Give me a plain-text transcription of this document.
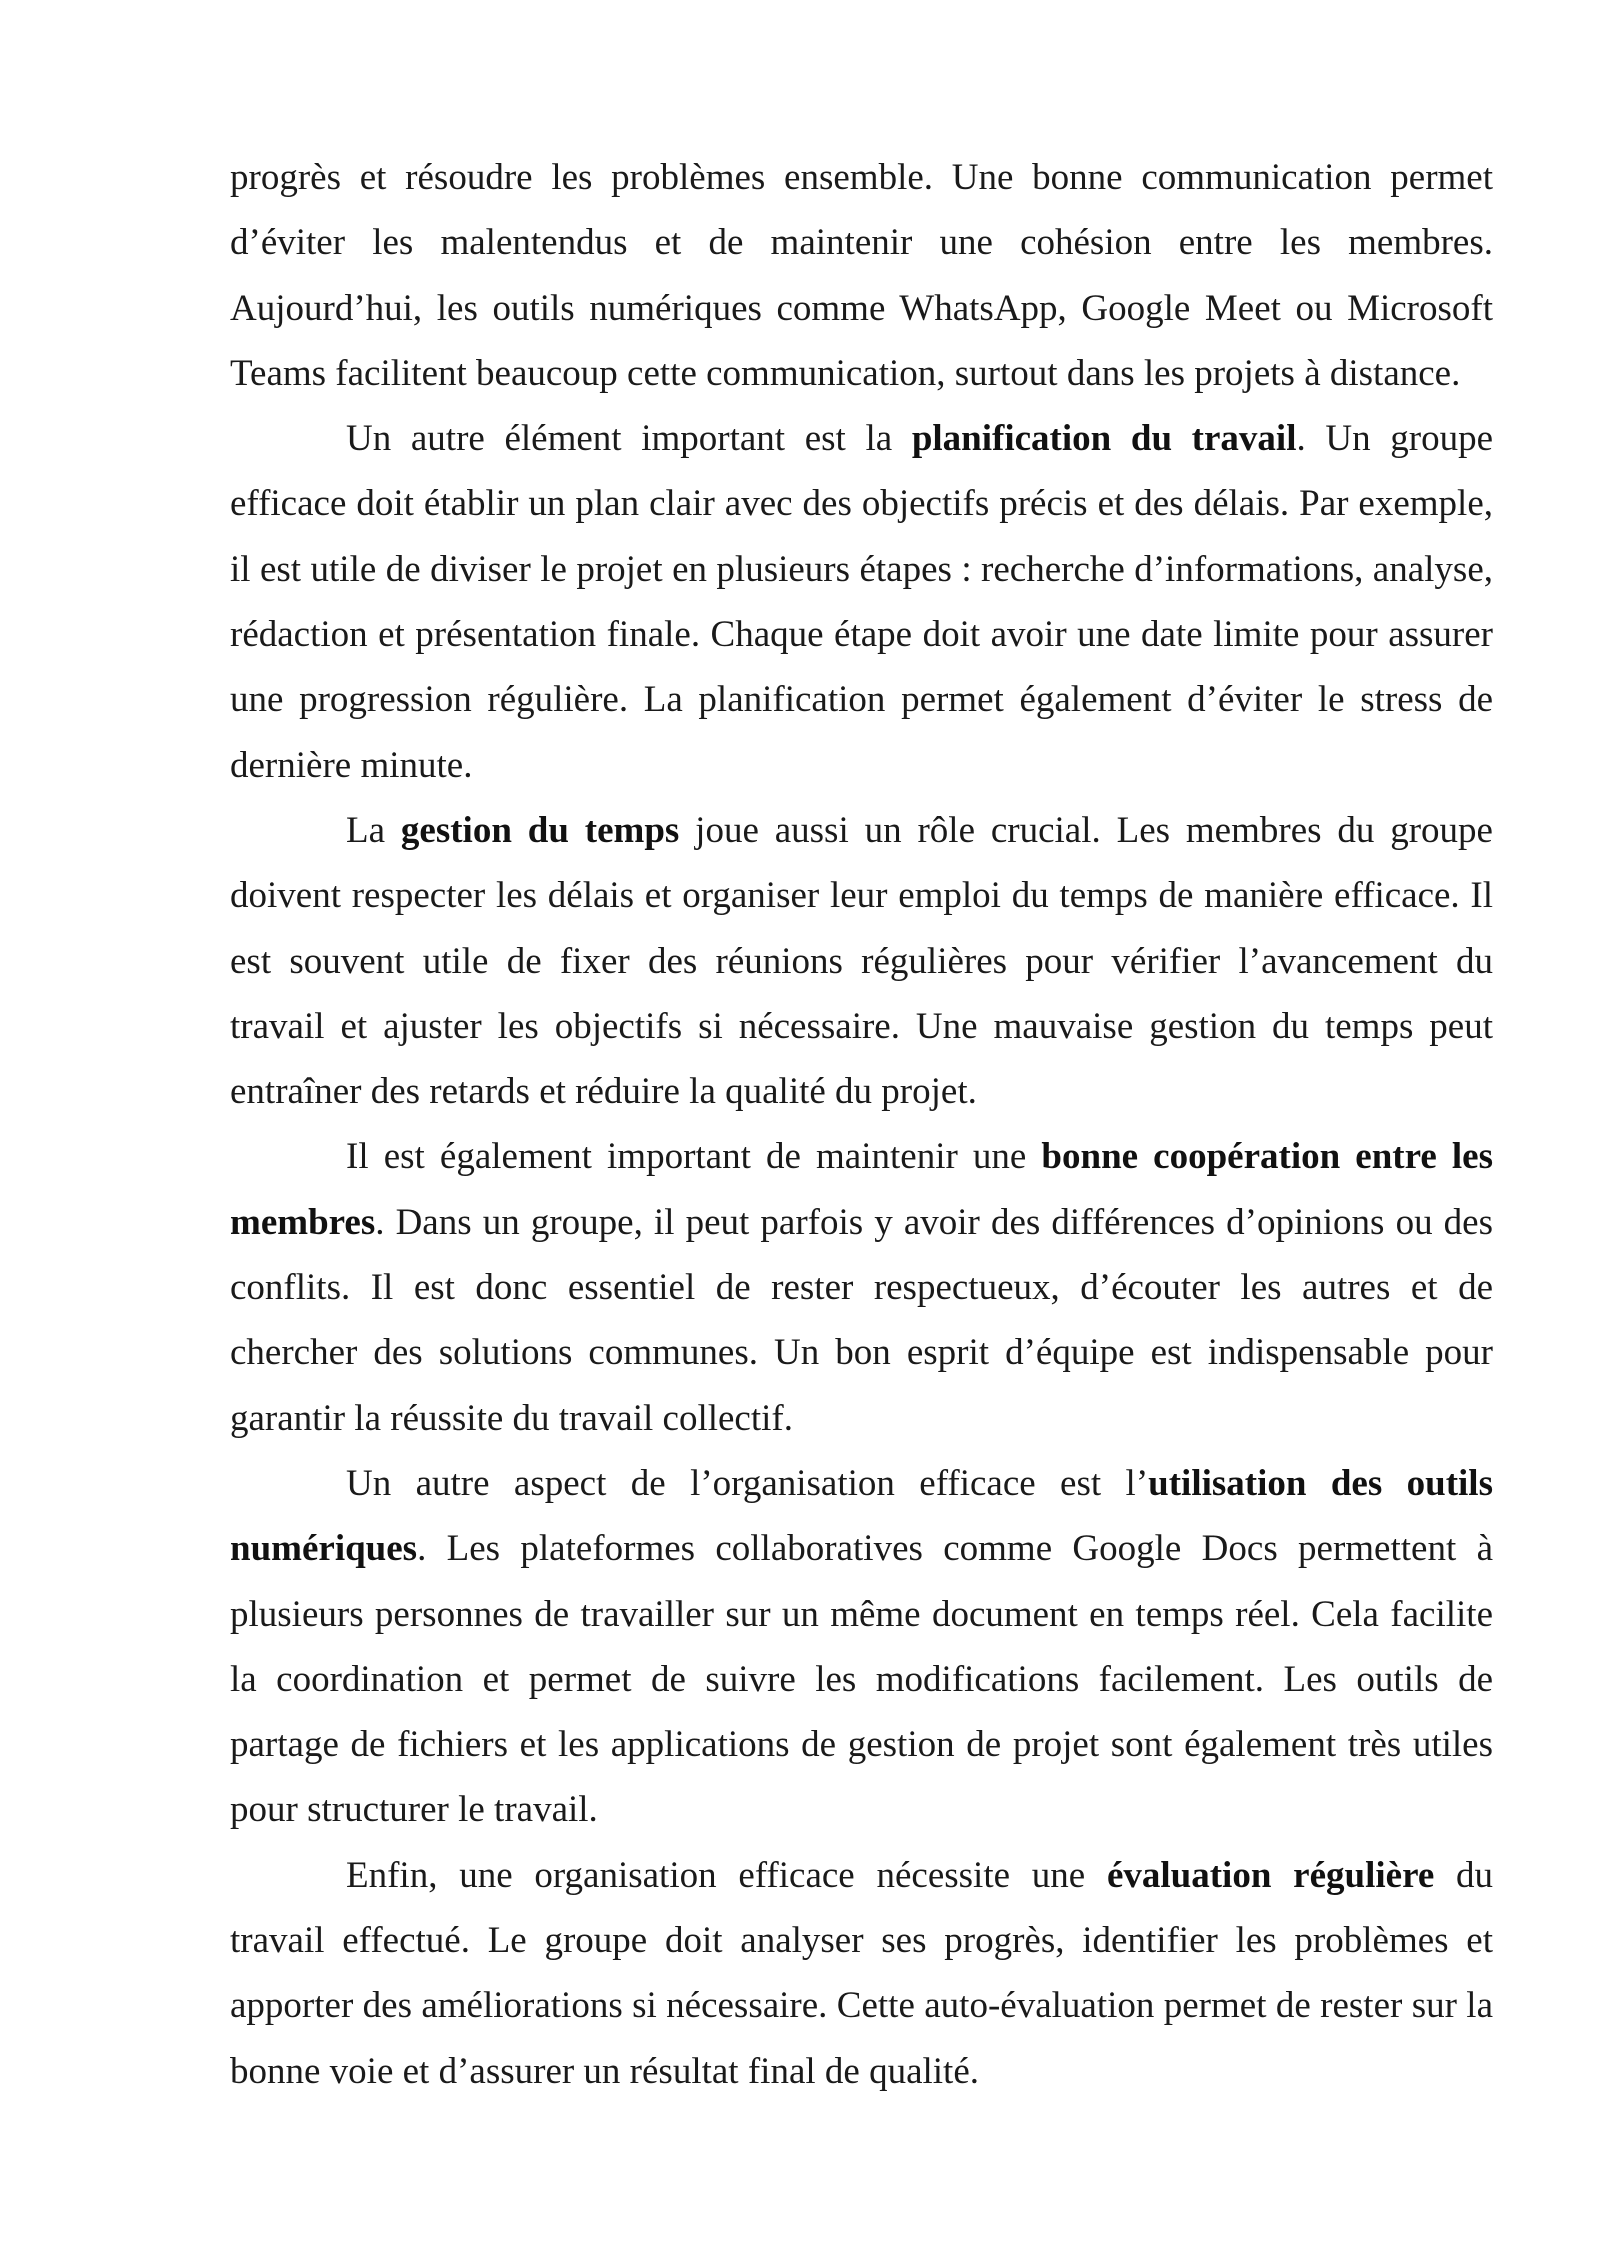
progrès et résoudre les problèmes ensemble. Une bonne communication permet d’éviter les malentendus et de maintenir une cohésion entre les membres. Aujourd’hui, les outils numériques comme WhatsApp, Google Meet ou Microsoft Teams facilitent beaucoup cette communication, surtout dans les projets à distance.

Un autre élément important est la planification du travail. Un groupe efficace doit établir un plan clair avec des objectifs précis et des délais. Par exemple, il est utile de diviser le projet en plusieurs étapes : recherche d’informations, analyse, rédaction et présentation finale. Chaque étape doit avoir une date limite pour assurer une progression régulière. La planification permet également d’éviter le stress de dernière minute.

La gestion du temps joue aussi un rôle crucial. Les membres du groupe doivent respecter les délais et organiser leur emploi du temps de manière efficace. Il est souvent utile de fixer des réunions régulières pour vérifier l’avancement du travail et ajuster les objectifs si nécessaire. Une mauvaise gestion du temps peut entraîner des retards et réduire la qualité du projet.

Il est également important de maintenir une bonne coopération entre les membres. Dans un groupe, il peut parfois y avoir des différences d’opinions ou des conflits. Il est donc essentiel de rester respectueux, d’écouter les autres et de chercher des solutions communes. Un bon esprit d’équipe est indispensable pour garantir la réussite du travail collectif.

Un autre aspect de l’organisation efficace est l’utilisation des outils numériques. Les plateformes collaboratives comme Google Docs permettent à plusieurs personnes de travailler sur un même document en temps réel. Cela facilite la coordination et permet de suivre les modifications facilement. Les outils de partage de fichiers et les applications de gestion de projet sont également très utiles pour structurer le travail.

Enfin, une organisation efficace nécessite une évaluation régulière du travail effectué. Le groupe doit analyser ses progrès, identifier les problèmes et apporter des améliorations si nécessaire. Cette auto-évaluation permet de rester sur la bonne voie et d’assurer un résultat final de qualité.
